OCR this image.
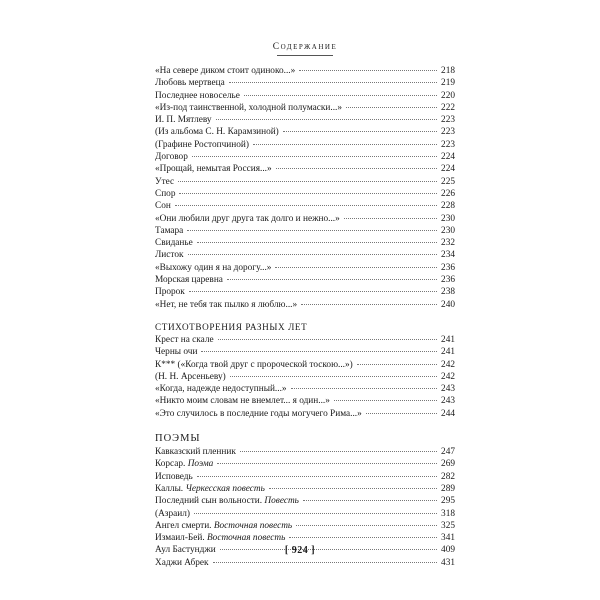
Содержание
«На севере диком стоит одиноко...»	218
Любовь мертвеца	219
Последнее новоселье	220
«Из-под таинственной, холодной полумаски...»	222
И. П. Мятлеву	223
(Из альбома С. Н. Карамзиной)	223
(Графине Ростопчиной)	223
Договор	224
«Прощай, немытая Россия...»	224
Утес	225
Спор	226
Сон	228
«Они любили друг друга так долго и нежно...»	230
Тамара	230
Свиданье	232
Листок	234
«Выхожу один я на дорогу...»	236
Морская царевна	236
Пророк	238
«Нет, не тебя так пылко я люблю...»	240
СТИХОТВОРЕНИЯ РАЗНЫХ ЛЕТ
Крест на скале	241
Черны очи	241
К*** («Когда твой друг с пророческой тоскою...»)	242
(Н. Н. Арсеньеву)	242
«Когда, надежде недоступный...»	243
«Никто моим словам не внемлет... я один...»	243
«Это случилось в последние годы могучего Рима...»	244
ПОЭМЫ
Кавказский пленник	247
Корсар. Поэма	269
Исповедь	282
Каллы. Черкесская повесть	289
Последний сын вольности. Повесть	295
(Азраил)	318
Ангел смерти. Восточная повесть	325
Измаил-Бей. Восточная повесть	341
Аул Бастунджи	409
Хаджи Абрек	431
[ 924 ]
